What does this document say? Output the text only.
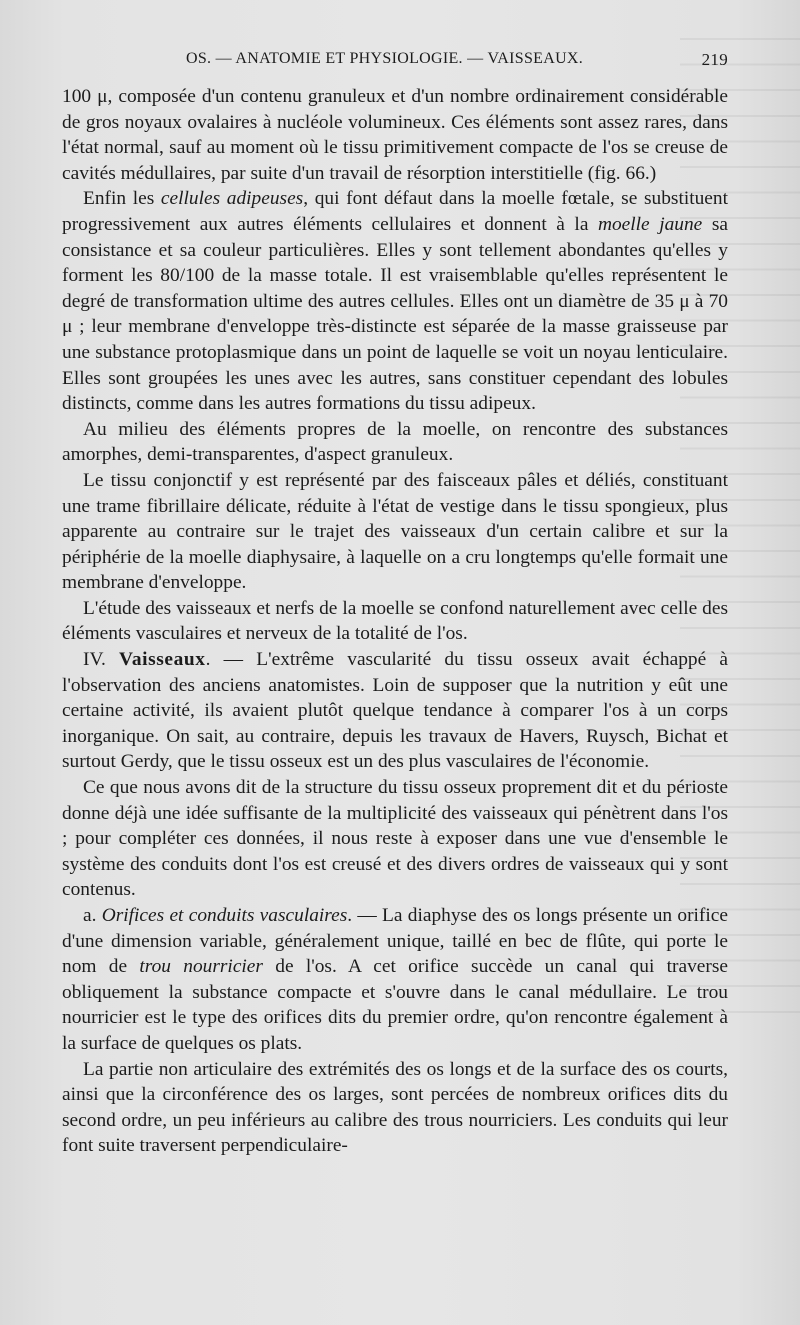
OS. — ANATOMIE ET PHYSIOLOGIE. — VAISSEAUX.	219

100 μ, composée d'un contenu granuleux et d'un nombre ordinairement considérable de gros noyaux ovalaires à nucléole volumineux. Ces éléments sont assez rares, dans l'état normal, sauf au moment où le tissu primitivement compacte de l'os se creuse de cavités médullaires, par suite d'un travail de résorption interstitielle (fig. 66.)

Enfin les cellules adipeuses, qui font défaut dans la moelle fœtale, se substituent progressivement aux autres éléments cellulaires et donnent à la moelle jaune sa consistance et sa couleur particulières. Elles y sont tellement abondantes qu'elles y forment les 80/100 de la masse totale. Il est vraisemblable qu'elles représentent le degré de transformation ultime des autres cellules. Elles ont un diamètre de 35 μ à 70 μ ; leur membrane d'enveloppe très-distincte est séparée de la masse graisseuse par une substance protoplasmique dans un point de laquelle se voit un noyau lenticulaire. Elles sont groupées les unes avec les autres, sans constituer cependant des lobules distincts, comme dans les autres formations du tissu adipeux.

Au milieu des éléments propres de la moelle, on rencontre des substances amorphes, demi-transparentes, d'aspect granuleux.

Le tissu conjonctif y est représenté par des faisceaux pâles et déliés, constituant une trame fibrillaire délicate, réduite à l'état de vestige dans le tissu spongieux, plus apparente au contraire sur le trajet des vaisseaux d'un certain calibre et sur la périphérie de la moelle diaphysaire, à laquelle on a cru longtemps qu'elle formait une membrane d'enveloppe.

L'étude des vaisseaux et nerfs de la moelle se confond naturellement avec celle des éléments vasculaires et nerveux de la totalité de l'os.

IV. Vaisseaux. — L'extrême vascularité du tissu osseux avait échappé à l'observation des anciens anatomistes. Loin de supposer que la nutrition y eût une certaine activité, ils avaient plutôt quelque tendance à comparer l'os à un corps inorganique. On sait, au contraire, depuis les travaux de Havers, Ruysch, Bichat et surtout Gerdy, que le tissu osseux est un des plus vasculaires de l'économie.

Ce que nous avons dit de la structure du tissu osseux proprement dit et du périoste donne déjà une idée suffisante de la multiplicité des vaisseaux qui pénètrent dans l'os ; pour compléter ces données, il nous reste à exposer dans une vue d'ensemble le système des conduits dont l'os est creusé et des divers ordres de vaisseaux qui y sont contenus.

a. Orifices et conduits vasculaires. — La diaphyse des os longs présente un orifice d'une dimension variable, généralement unique, taillé en bec de flûte, qui porte le nom de trou nourricier de l'os. A cet orifice succède un canal qui traverse obliquement la substance compacte et s'ouvre dans le canal médullaire. Le trou nourricier est le type des orifices dits du premier ordre, qu'on rencontre également à la surface de quelques os plats.

La partie non articulaire des extrémités des os longs et de la surface des os courts, ainsi que la circonférence des os larges, sont percées de nombreux orifices dits du second ordre, un peu inférieurs au calibre des trous nourriciers. Les conduits qui leur font suite traversent perpendiculaire-
